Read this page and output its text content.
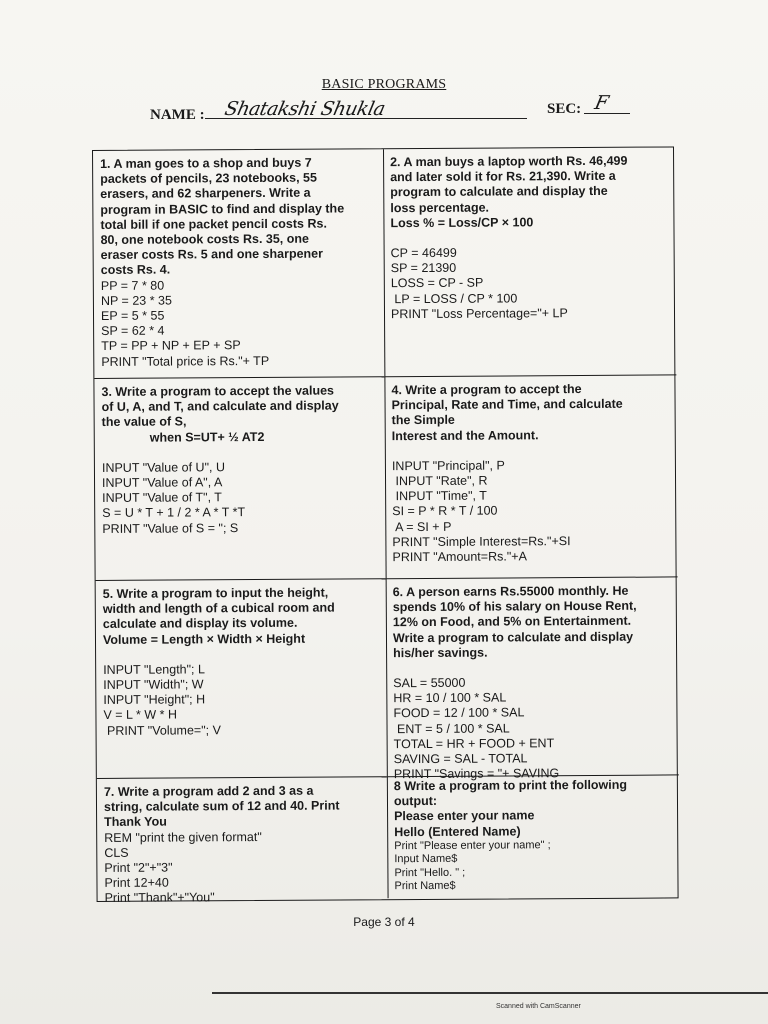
BASIC PROGRAMS
NAME : Shatakshi Shukla	SEC: F
1. A man goes to a shop and buys 7
packets of pencils, 23 notebooks, 55
erasers, and 62 sharpeners. Write a
program in BASIC to find and display the
total bill if one packet pencil costs Rs.
80, one notebook costs Rs. 35, one
eraser costs Rs. 5 and one sharpener
costs Rs. 4.
PP = 7 * 80
NP = 23 * 35
EP = 5 * 55
SP = 62 * 4
TP = PP + NP + EP + SP
PRINT "Total price is Rs."+ TP
2. A man buys a laptop worth Rs. 46,499
and later sold it for Rs. 21,390. Write a
program to calculate and display the
loss percentage.
Loss % = Loss/CP × 100
CP = 46499
SP = 21390
LOSS = CP - SP
LP = LOSS / CP * 100
PRINT "Loss Percentage="+ LP
3. Write a program to accept the values
of U, A, and T, and calculate and display
the value of S,
when S=UT+ ½ AT2
INPUT "Value of U", U
INPUT "Value of A", A
INPUT "Value of T", T
S = U * T + 1 / 2 * A * T *T
PRINT "Value of S = "; S
4. Write a program to accept the
Principal, Rate and Time, and calculate
the Simple
Interest and the Amount.
INPUT "Principal", P
INPUT "Rate", R
INPUT "Time", T
SI = P * R * T / 100
A = SI + P
PRINT "Simple Interest=Rs."+SI
PRINT "Amount=Rs."+A
5. Write a program to input the height,
width and length of a cubical room and
calculate and display its volume.
Volume = Length × Width × Height
INPUT "Length"; L
INPUT "Width"; W
INPUT "Height"; H
V = L * W * H
PRINT "Volume="; V
6. A person earns Rs.55000 monthly. He
spends 10% of his salary on House Rent,
12% on Food, and 5% on Entertainment.
Write a program to calculate and display
his/her savings.
SAL = 55000
HR = 10 / 100 * SAL
FOOD = 12 / 100 * SAL
ENT = 5 / 100 * SAL
TOTAL = HR + FOOD + ENT
SAVING = SAL - TOTAL
PRINT "Savings = "+ SAVING
7. Write a program add 2 and 3 as a
string, calculate sum of 12 and 40. Print
Thank You
REM "print the given format"
CLS
Print "2"+"3"
Print 12+40
Print "Thank"+"You"
8 Write a program to print the following
output:
Please enter your name
Hello (Entered Name)
Print "Please enter your name" ;
Input Name$
Print "Hello. " ;
Print Name$
Page 3 of 4
Scanned with CamScanner
